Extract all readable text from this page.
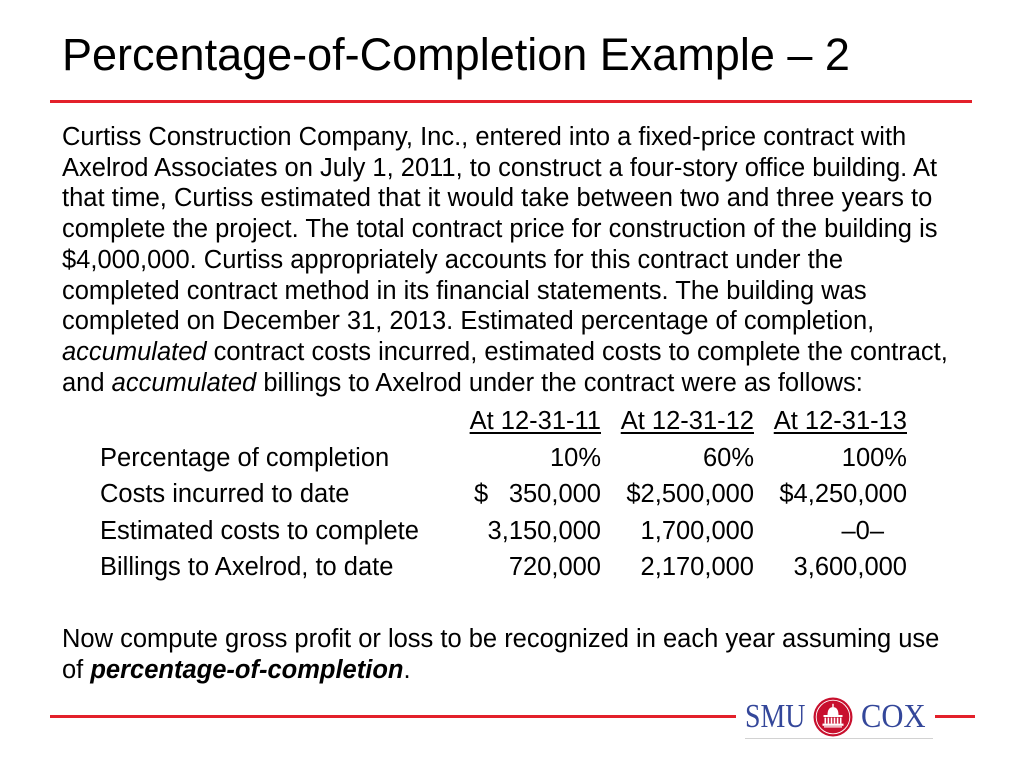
Percentage-of-Completion Example – 2
Curtiss Construction Company, Inc., entered into a fixed-price contract with
Axelrod Associates on July 1, 2011, to construct a four-story office building. At
that time, Curtiss estimated that it would take between two and three years to
complete the project. The total contract price for construction of the building is
$4,000,000. Curtiss appropriately accounts for this contract under the
completed contract method in its financial statements. The building was
completed on December 31, 2013. Estimated percentage of completion,
accumulated contract costs incurred, estimated costs to complete the contract,
and accumulated billings to Axelrod under the contract were as follows:
At 12-31-11 At 12-31-12 At 12-31-13
Percentage of completion	10%	60%	100%
Costs incurred to date	$ 350,000 $2,500,000 $4,250,000
Estimated costs to complete	3,150,000	1,700,000	–0–
Billings to Axelrod, to date	720,000	2,170,000	3,600,000
Now compute gross profit or loss to be recognized in each year assuming use
of percentage-of-completion.
SMU COX
